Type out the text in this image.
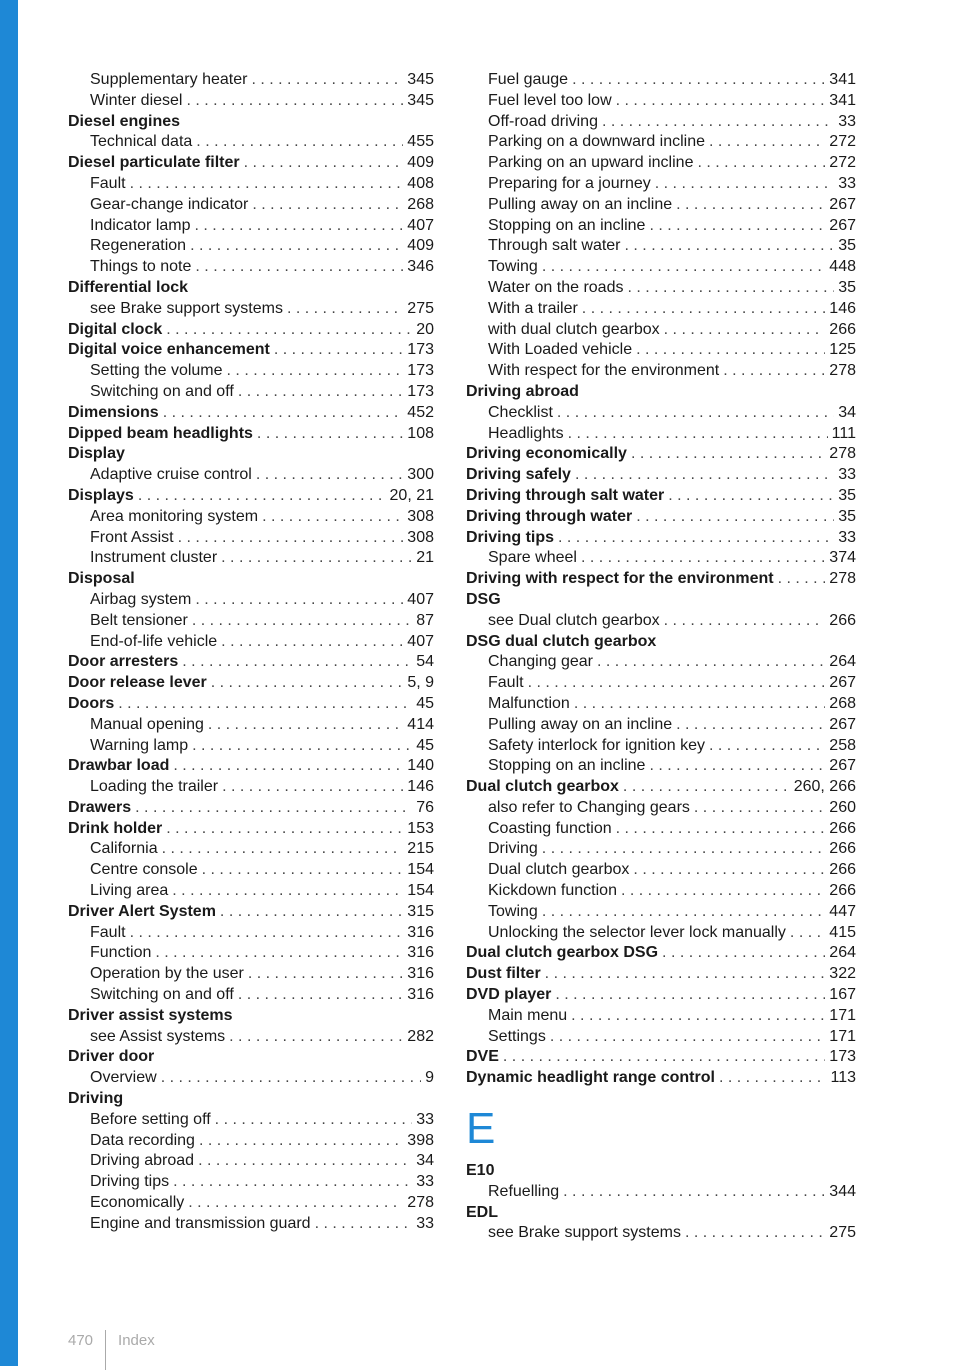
Supplementary heater . . .	345
Winter diesel . . .	345
Diesel engines
Technical data . . .	455
Diesel particulate filter . . .	409
Fault . . .	408
Gear-change indicator . . .	268
Indicator lamp . . .	407
Regeneration . . .	409
Things to note . . .	346
Differential lock
see Brake support systems . . .	275
Digital clock . . .	20
Digital voice enhancement . . .	173
Setting the volume . . .	173
Switching on and off . . .	173
Dimensions . . .	452
Dipped beam headlights . . .	108
Display
Adaptive cruise control . . .	300
Displays . . .	20, 21
Area monitoring system . . .	308
Front Assist . . .	308
Instrument cluster . . .	21
Disposal
Airbag system . . .	407
Belt tensioner . . .	87
End-of-life vehicle . . .	407
Door arresters . . .	54
Door release lever . . .	5, 9
Doors . . .	45
Manual opening . . .	414
Warning lamp . . .	45
Drawbar load . . .	140
Loading the trailer . . .	146
Drawers . . .	76
Drink holder . . .	153
California . . .	215
Centre console . . .	154
Living area . . .	154
Driver Alert System . . .	315
Fault . . .	316
Function . . .	316
Operation by the user . . .	316
Switching on and off . . .	316
Driver assist systems
see Assist systems . . .	282
Driver door
Overview . . .	9
Driving
Before setting off . . .	33
Data recording . . .	398
Driving abroad . . .	34
Driving tips . . .	33
Economically . . .	278
Engine and transmission guard . . .	33
Fuel gauge . . .	341
Fuel level too low . . .	341
Off-road driving . . .	33
Parking on a downward incline . . .	272
Parking on an upward incline . . .	272
Preparing for a journey . . .	33
Pulling away on an incline . . .	267
Stopping on an incline . . .	267
Through salt water . . .	35
Towing . . .	448
Water on the roads . . .	35
With a trailer . . .	146
with dual clutch gearbox . . .	266
With Loaded vehicle . . .	125
With respect for the environment . . .	278
Driving abroad
Checklist . . .	34
Headlights . . .	111
Driving economically . . .	278
Driving safely . . .	33
Driving through salt water . . .	35
Driving through water . . .	35
Driving tips . . .	33
Spare wheel . . .	374
Driving with respect for the environment . . .	278
DSG
see Dual clutch gearbox . . .	266
DSG dual clutch gearbox
Changing gear . . .	264
Fault . . .	267
Malfunction . . .	268
Pulling away on an incline . . .	267
Safety interlock for ignition key . . .	258
Stopping on an incline . . .	267
Dual clutch gearbox . . .	260, 266
also refer to Changing gears . . .	260
Coasting function . . .	266
Driving . . .	266
Dual clutch gearbox . . .	266
Kickdown function . . .	266
Towing . . .	447
Unlocking the selector lever lock manually . . .	415
Dual clutch gearbox DSG . . .	264
Dust filter . . .	322
DVD player . . .	167
Main menu . . .	171
Settings . . .	171
DVE . . .	173
Dynamic headlight range control . . .	113
E
E10
Refuelling . . .	344
EDL
see Brake support systems . . .	275
470 Index
